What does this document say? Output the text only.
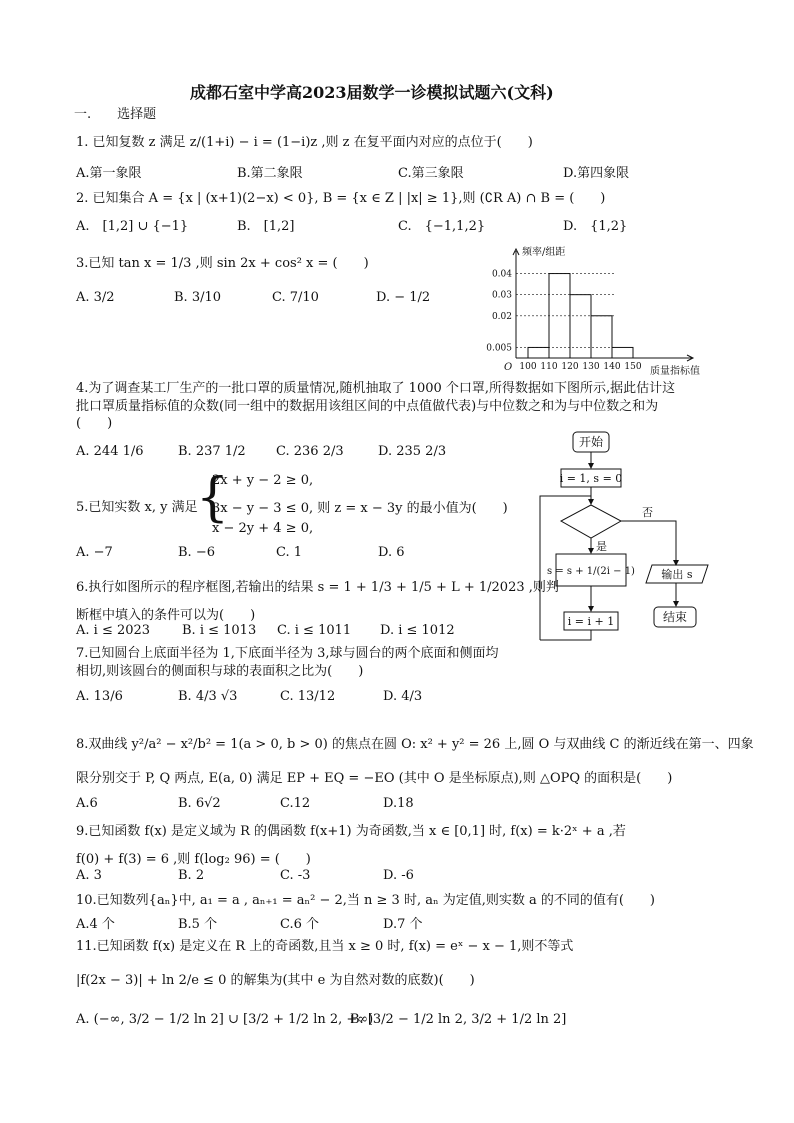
成都石室中学高2023届数学一诊模拟试题六(文科)
一.　　选择题
1. 已知复数 z 满足 z/(1+i) − i = (1−i)z ,则 z 在复平面内对应的点位于(　　)
A.第一象限	B.第二象限	C.第三象限	D.第四象限
2. 已知集合 A = {x | (x+1)(2−x) < 0}, B = {x ∈ Z | |x| ≥ 1},则 (∁R A) ∩ B = (　　)
A.　[1,2] ∪ {−1}	B.　[1,2]	C.　{−1,1,2}	D.　{1,2}
3.已知 tan x = 1/3 ,则 sin 2x + cos² x = (　　)
A. 3/2	B. 3/10	C. 7/10	D. − 1/2
频率/组距
质量指标值
O
0.04
0.03
0.02
0.005
100 110 120 130 140 150
4.为了调查某工厂生产的一批口罩的质量情况,随机抽取了 1000 个口罩,所得数据如下图所示,据此估计这
批口罩质量指标值的众数(同一组中的数据用该组区间的中点值做代表)与中位数之和为与中位数之和为
(　　)
A. 244 1/6	B. 237 1/2 C. 236 2/3	D. 235 2/3
开始
i = 1, s = 0
否
是
s = s + 1/(2i − 1)
i = i + 1
输出 s
结束
5.已知实数 x, y 满足
{
2x + y − 2 ≥ 0,
3x − y − 3 ≤ 0, 则 z = x − 3y 的最小值为(　　)
x − 2y + 4 ≥ 0,
A. −7	B. −6	C. 1	D. 6
6.执行如图所示的程序框图,若输出的结果 s = 1 + 1/3 + 1/5 + L + 1/2023 ,则判
断框中填入的条件可以为(　　)
A. i ≤ 2023 B. i ≤ 1013 C. i ≤ 1011 D. i ≤ 1012
7.已知圆台上底面半径为 1,下底面半径为 3,球与圆台的两个底面和侧面均
相切,则该圆台的侧面积与球的表面积之比为(　　)
A. 13/6	B. 4/3 √3	C. 13/12	D. 4/3
8.双曲线 y²/a² − x²/b² = 1(a > 0, b > 0) 的焦点在圆 O: x² + y² = 26 上,圆 O 与双曲线 C 的渐近线在第一、四象
限分别交于 P, Q 两点, E(a, 0) 满足 EP + EQ = −EO (其中 O 是坐标原点),则 △OPQ 的面积是(　　)
A.6	B. 6√2	C.12	D.18
9.已知函数 f(x) 是定义域为 R 的偶函数 f(x+1) 为奇函数,当 x ∈ [0,1] 时, f(x) = k·2ˣ + a ,若
f(0) + f(3) = 6 ,则 f(log₂ 96) = (　　)
A. 3	B. 2	C. -3	D. -6
10.已知数列{aₙ}中, a₁ = a , aₙ₊₁ = aₙ² − 2,当 n ≥ 3 时, aₙ 为定值,则实数 a 的不同的值有(　　)
A.4 个	B.5 个	C.6 个	D.7 个
11.已知函数 f(x) 是定义在 R 上的奇函数,且当 x ≥ 0 时, f(x) = eˣ − x − 1,则不等式
|f(2x − 3)| + ln 2/e ≤ 0 的解集为(其中 e 为自然对数的底数)(　　)
A. (−∞, 3/2 − 1/2 ln 2] ∪ [3/2 + 1/2 ln 2, +∞)
B. [3/2 − 1/2 ln 2, 3/2 + 1/2 ln 2]
